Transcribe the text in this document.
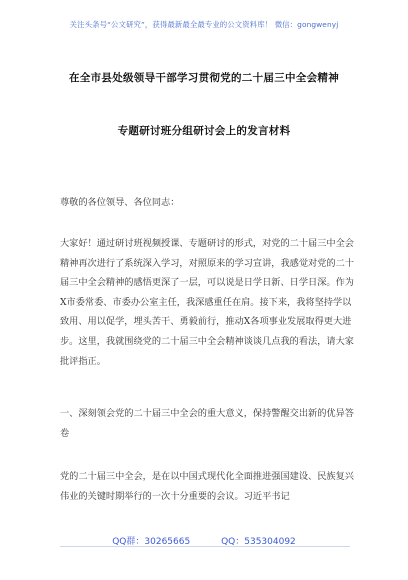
关注头条号“公文研究”，获得最新最全最专业的公文资料库！ 微信：gongwenyj
在全市县处级领导干部学习贯彻党的二十届三中全会精神
专题研讨班分组研讨会上的发言材料

尊敬的各位领导、各位同志：

大家好！通过研讨班视频授课、专题研讨的形式，对党的二十届三中全会精神再次进行了系统深入学习，对照原来的学习宣讲，我感觉对党的二十届三中全会精神的感悟更深了一层，可以说是日学日新、日学日深。作为X市委常委、市委办公室主任，我深感重任在肩。接下来，我将坚持学以致用、用以促学，埋头苦干、勇毅前行，推动X各项事业发展取得更大进步。这里，我就围绕党的二十届三中全会精神谈谈几点我的看法，请大家批评指正。

一、深刻领会党的二十届三中全会的重大意义，保持警醒交出新的优异答卷

党的二十届三中全会，是在以中国式现代化全面推进强国建设、民族复兴伟业的关键时期举行的一次十分重要的会议。习近平书记

QQ群：30265665	QQ：535304092
